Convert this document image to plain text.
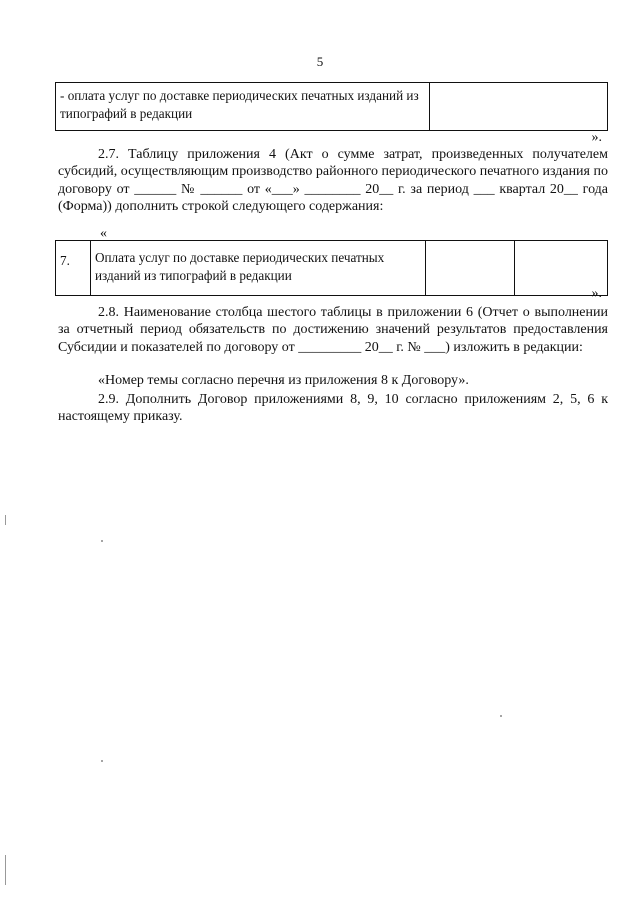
5
- оплата услуг по доставке периодических печатных изданий из типографий в редакции	
».
2.7. Таблицу приложения 4 (Акт о сумме затрат, произведенных получателем субсидий, осуществляющим производство районного периодического печатного издания по договору от ______ № ______ от «___» ________ 20__ г. за период ___ квартал 20__ года (Форма)) дополнить строкой следующего содержания:
«
7.	Оплата услуг по доставке периодических печатных изданий из типографий в редакции		
».
2.8. Наименование столбца шестого таблицы в приложении 6 (Отчет о выполнении за отчетный период обязательств по достижению значений результатов предоставления Субсидии и показателей по договору от _________ 20__ г. № ___) изложить в редакции:
«Номер темы согласно перечня из приложения 8 к Договору».
2.9. Дополнить Договор приложениями 8, 9, 10 согласно приложениям 2, 5, 6 к настоящему приказу.
